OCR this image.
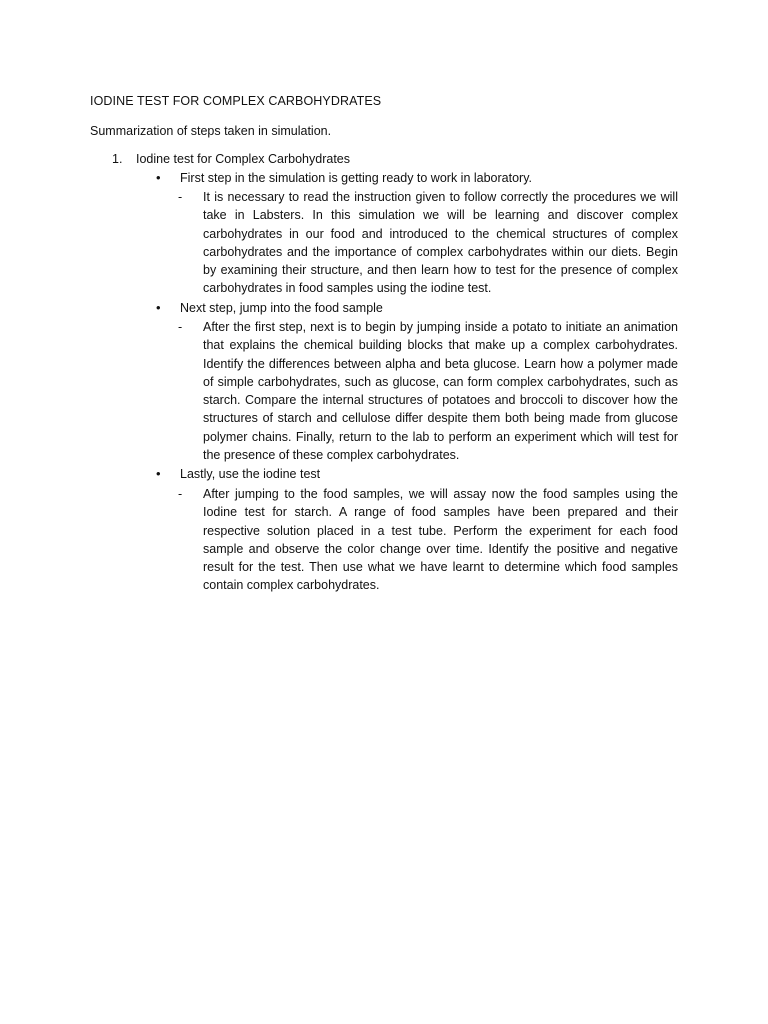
IODINE TEST FOR COMPLEX CARBOHYDRATES
Summarization of steps taken in simulation.
1. Iodine test for Complex Carbohydrates
• First step in the simulation is getting ready to work in laboratory.
- It is necessary to read the instruction given to follow correctly the procedures we will take in Labsters. In this simulation we will be learning and discover complex carbohydrates in our food and introduced to the chemical structures of complex carbohydrates and the importance of complex carbohydrates within our diets. Begin by examining their structure, and then learn how to test for the presence of complex carbohydrates in food samples using the iodine test.
• Next step, jump into the food sample
- After the first step, next is to begin by jumping inside a potato to initiate an animation that explains the chemical building blocks that make up a complex carbohydrates. Identify the differences between alpha and beta glucose. Learn how a polymer made of simple carbohydrates, such as glucose, can form complex carbohydrates, such as starch. Compare the internal structures of potatoes and broccoli to discover how the structures of starch and cellulose differ despite them both being made from glucose polymer chains. Finally, return to the lab to perform an experiment which will test for the presence of these complex carbohydrates.
• Lastly, use the iodine test
- After jumping to the food samples, we will assay now the food samples using the Iodine test for starch. A range of food samples have been prepared and their respective solution placed in a test tube. Perform the experiment for each food sample and observe the color change over time. Identify the positive and negative result for the test. Then use what we have learnt to determine which food samples contain complex carbohydrates.
